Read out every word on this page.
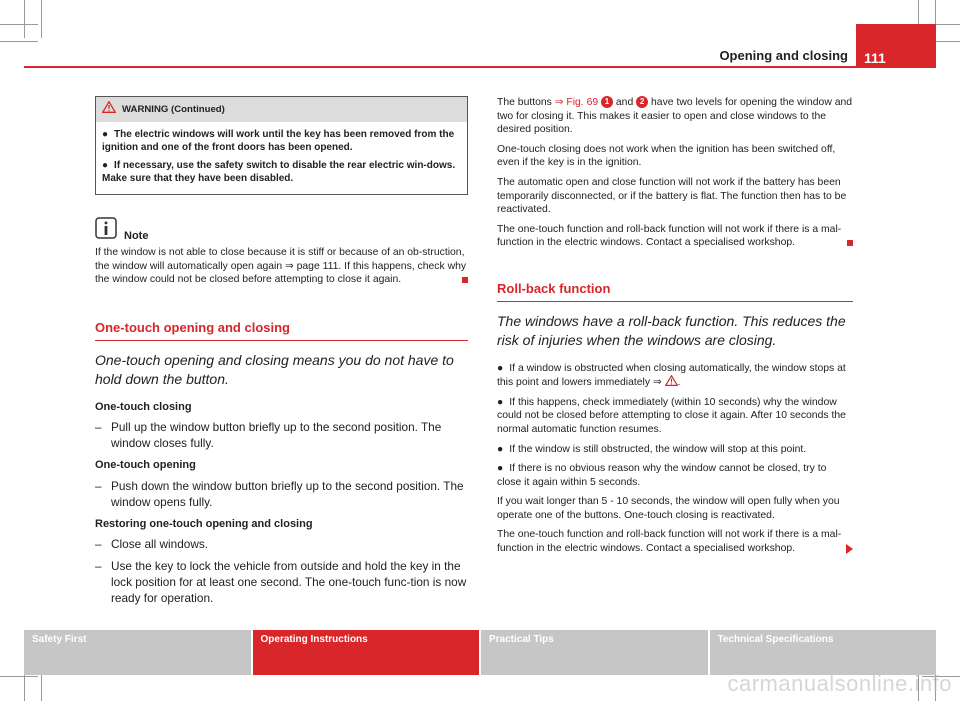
Opening and closing	111
WARNING (Continued)

● The electric windows will work until the key has been removed from the ignition and one of the front doors has been opened.

● If necessary, use the safety switch to disable the rear electric win-dows. Make sure that they have been disabled.

Note

If the window is not able to close because it is stiff or because of an ob-struction, the window will automatically open again ⇒ page 111. If this happens, check why the window could not be closed before attempting to close it again.

One-touch opening and closing
One-touch opening and closing means you do not have to hold down the button.
One-touch closing
– Pull up the window button briefly up to the second position. The window closes fully.
One-touch opening
– Push down the window button briefly up to the second position. The window opens fully.
Restoring one-touch opening and closing
– Close all windows.
– Use the key to lock the vehicle from outside and hold the key in the lock position for at least one second. The one-touch func-tion is now ready for operation.

The buttons ⇒ Fig. 69 1 and 2 have two levels for opening the window and two for closing it. This makes it easier to open and close windows to the desired position.

One-touch closing does not work when the ignition has been switched off, even if the key is in the ignition.

The automatic open and close function will not work if the battery has been temporarily disconnected, or if the battery is flat. The function then has to be reactivated.

The one-touch function and roll-back function will not work if there is a mal-function in the electric windows. Contact a specialised workshop.

Roll-back function
The windows have a roll-back function. This reduces the risk of injuries when the windows are closing.

● If a window is obstructed when closing automatically, the window stops at this point and lowers immediately ⇒ .

● If this happens, check immediately (within 10 seconds) why the window could not be closed before attempting to close it again. After 10 seconds the normal automatic function resumes.

● If the window is still obstructed, the window will stop at this point.

● If there is no obvious reason why the window cannot be closed, try to close it again within 5 seconds.

If you wait longer than 5 - 10 seconds, the window will open fully when you operate one of the buttons. One-touch closing is reactivated.

The one-touch function and roll-back function will not work if there is a mal-function in the electric windows. Contact a specialised workshop.

Safety First	Operating Instructions	Practical Tips	Technical Specifications
carmanualsonline.info
